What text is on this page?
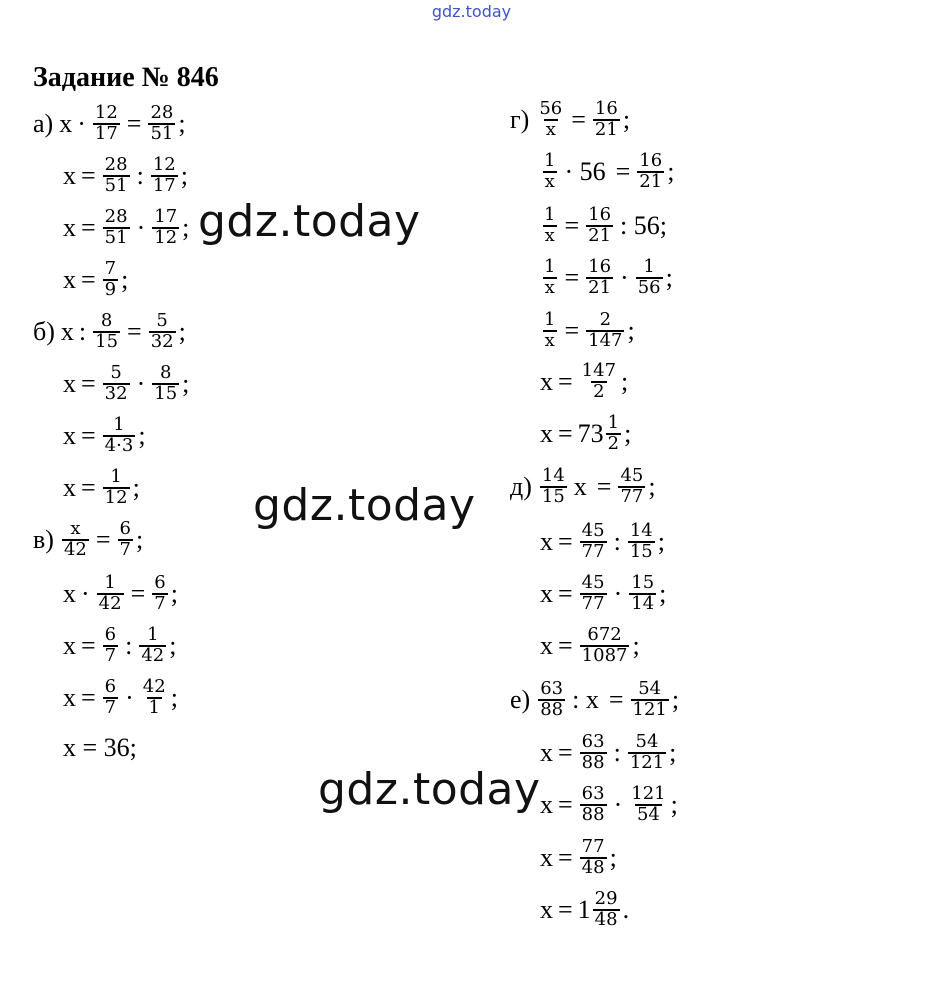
gdz.today
gdz.today
gdz.today
gdz.today
Задание № 846
а) $x \cdot \frac{12}{17} = \frac{28}{51}$ ;
$x = \frac{28}{51}$ : $\frac{12}{17}$ ;
$x = \frac{28}{51} \cdot \frac{17}{12}$ ;
$x = \frac{7}{9}$ ;
б) x : $\frac{8}{15} = \frac{5}{32}$ ;
$x = \frac{5}{32} \cdot \frac{8}{15}$ ;
$x = \frac{1}{4\cdot 3}$ ;
$x = \frac{1}{12}$ ;
$в) \frac{x}{42} = \frac{6}{7}$ ;
$x \cdot \frac{1}{42} = \frac{6}{7}$ ;
$x = \frac{6}{7}$ : $\frac{1}{42}$ ;
$x = \frac{6}{7} \cdot \frac{42}{1}$ ;
x = 36;
$г) \frac{56}{x} = \frac{16}{21}$ ;
$\frac{1}{x} \cdot 56 = \frac{16}{21}$ ;
$\frac{1}{x} = \frac{16}{21}$ : 56;
$\frac{1}{x} = \frac{16}{21} \cdot \frac{1}{56}$ ;
$\frac{1}{x} = \frac{2}{147}$ ;
$x = \frac{147}{2}$ ;
$x = 73 \frac{1}{2}$ ;
$д) \frac{14}{15}$ $x = \frac{45}{77}$ ;
$x = \frac{45}{77}$ : $\frac{14}{15}$ ;
$x = \frac{45}{77} \cdot \frac{15}{14}$ ;
$x = \frac{672}{1087}$ ;
$е) \frac{63}{88}$ : $x = \frac{54}{121}$ ;
$x = \frac{63}{88}$ : $\frac{54}{121}$ ;
$x = \frac{63}{88} \cdot \frac{121}{54}$ ;
$x = \frac{77}{48}$ ;
$x = 1 \frac{29}{48}$ .
